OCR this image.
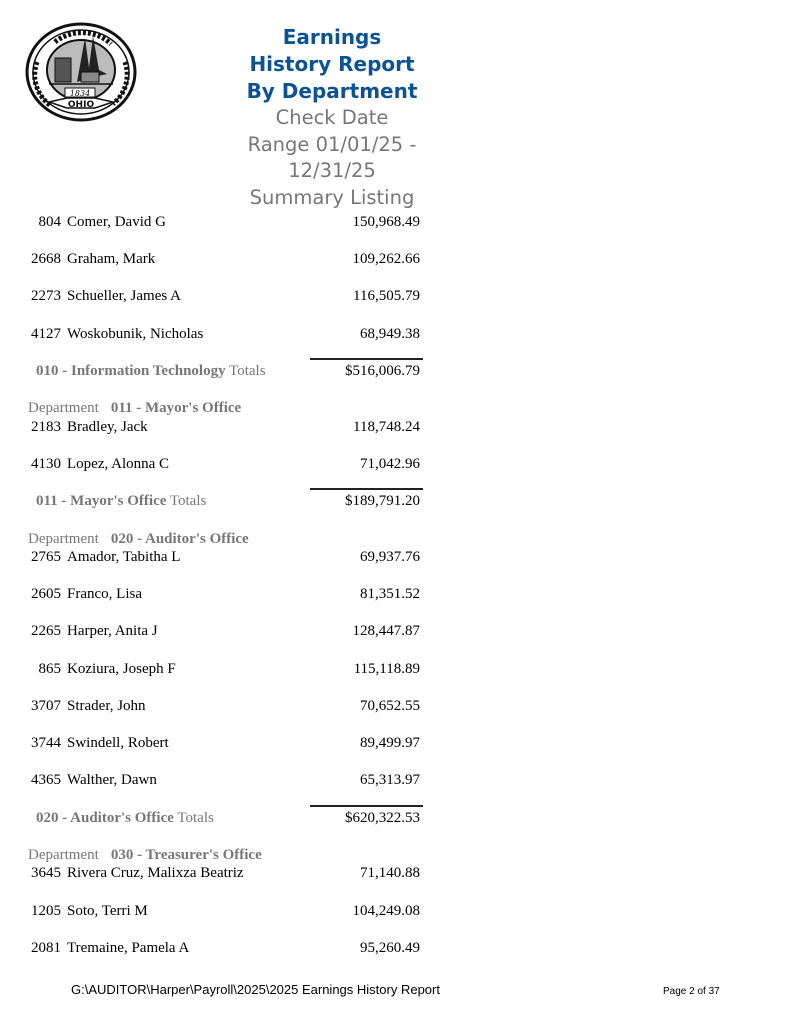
1834
OHIO
Earnings
History Report
By Department
Check Date
Range 01/01/25 -
12/31/25
Summary Listing
804 Comer, David G	150,968.49
2668 Graham, Mark	109,262.66
2273 Schueller, James A	116,505.79
4127 Woskobunik, Nicholas	68,949.38
010 - Information Technology Totals	$516,006.79
Department 011 - Mayor's Office
2183 Bradley, Jack	118,748.24
4130 Lopez, Alonna C	71,042.96
011 - Mayor's Office Totals	$189,791.20
Department 020 - Auditor's Office
2765 Amador, Tabitha L	69,937.76
2605 Franco, Lisa	81,351.52
2265 Harper, Anita J	128,447.87
865 Koziura, Joseph F	115,118.89
3707 Strader, John	70,652.55
3744 Swindell, Robert	89,499.97
4365 Walther, Dawn	65,313.97
020 - Auditor's Office Totals	$620,322.53
Department 030 - Treasurer's Office
3645 Rivera Cruz, Malixza Beatriz	71,140.88
1205 Soto, Terri M	104,249.08
2081 Tremaine, Pamela A	95,260.49
G:\AUDITOR\Harper\Payroll\2025\2025 Earnings History Report	Page 2 of 37
